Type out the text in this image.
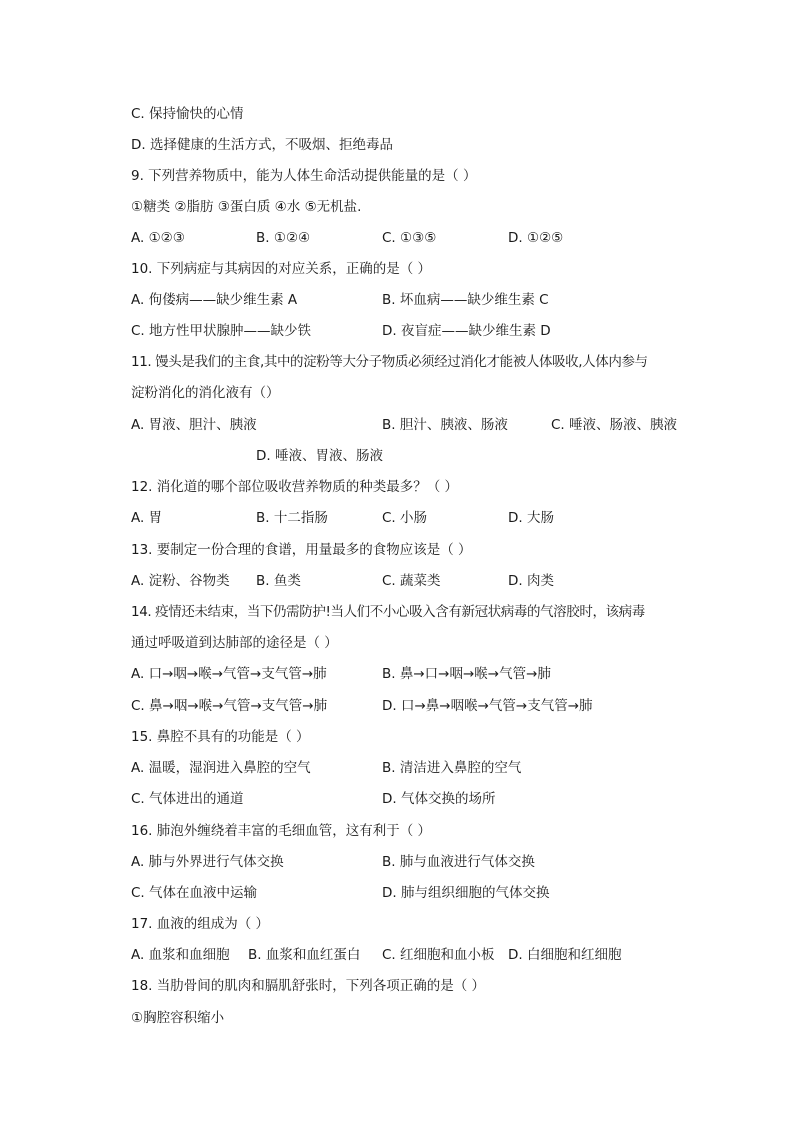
C. 保持愉快的心情
D. 选择健康的生活方式，不吸烟、拒绝毒品
9. 下列营养物质中，能为人体生命活动提供能量的是（ ）
①糖类 ②脂肪 ③蛋白质 ④水 ⑤无机盐.
A. ①②③	B. ①②④	C. ①③⑤	D. ①②⑤
10. 下列病症与其病因的对应关系，正确的是（ ）
A. 佝偻病——缺少维生素 A	B. 坏血病——缺少维生素 C
C. 地方性甲状腺肿——缺少铁	D. 夜盲症——缺少维生素 D
11. 馒头是我们的主食,其中的淀粉等大分子物质必须经过消化才能被人体吸收,人体内参与
淀粉消化的消化液有（）
A. 胃液、胆汁、胰液	B. 胆汁、胰液、肠液	C. 唾液、肠液、胰液
D. 唾液、胃液、肠液
12. 消化道的哪个部位吸收营养物质的种类最多？（ ）
A. 胃	B. 十二指肠	C. 小肠	D. 大肠
13. 要制定一份合理的食谱，用量最多的食物应该是（ ）
A. 淀粉、谷物类 B. 鱼类	C. 蔬菜类	D. 肉类
14. 疫情还未结束，当下仍需防护!当人们不小心吸入含有新冠状病毒的气溶胶时，该病毒
通过呼吸道到达肺部的途径是（ ）
A. 口→咽→喉→气管→支气管→肺	B. 鼻→口→咽→喉→气管→肺
C. 鼻→咽→喉→气管→支气管→肺	D. 口→鼻→咽喉→气管→支气管→肺
15. 鼻腔不具有的功能是（ ）
A. 温暖，湿润进入鼻腔的空气	B. 清洁进入鼻腔的空气
C. 气体进出的通道	D. 气体交换的场所
16. 肺泡外缠绕着丰富的毛细血管，这有利于（ ）
A. 肺与外界进行气体交换	B. 肺与血液进行气体交换
C. 气体在血液中运输	D. 肺与组织细胞的气体交换
17. 血液的组成为（ ）
A. 血浆和血细胞 B. 血浆和血红蛋白 C. 红细胞和血小板 D. 白细胞和红细胞
18. 当肋骨间的肌肉和膈肌舒张时，下列各项正确的是（ ）
①胸腔容积缩小
